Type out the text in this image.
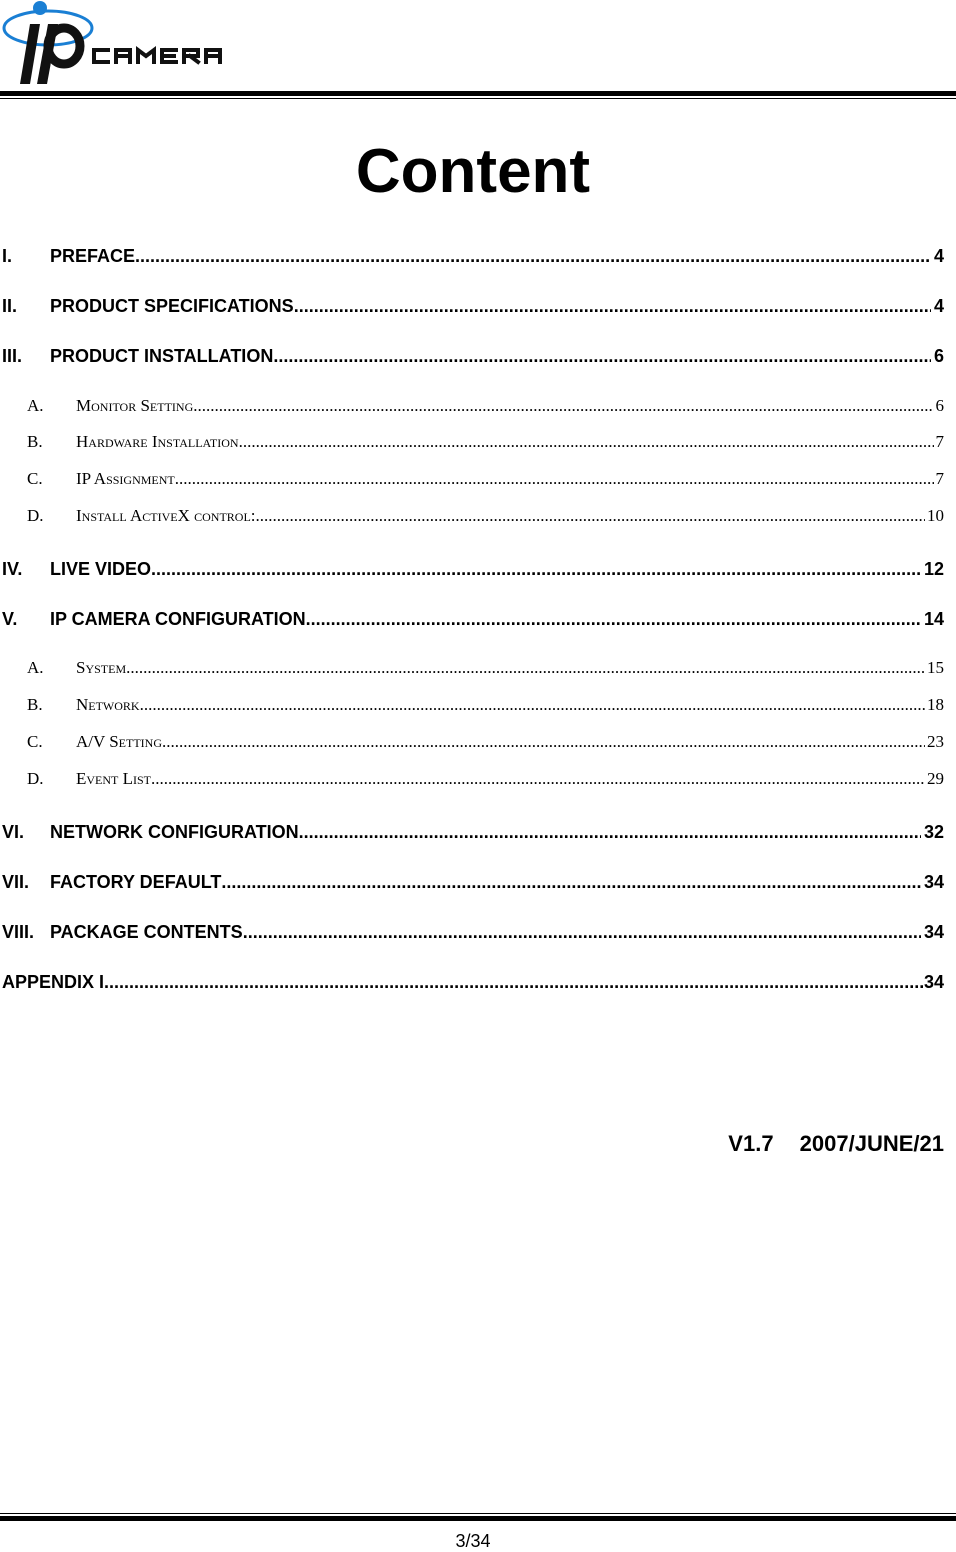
Content
I.	PREFACE .....	4
II.	PRODUCT SPECIFICATIONS .....	4
III.	PRODUCT INSTALLATION .....	6
A.	Monitor Setting .....	6
B.	Hardware Installation .....	7
C.	IP Assignment .....	7
D.	Install ActiveX control: .....	10
IV.	LIVE VIDEO .....	12
V.	IP CAMERA CONFIGURATION .....	14
A.	System .....	15
B.	Network .....	18
C.	A/V Setting .....	23
D.	Event List .....	29
VI.	NETWORK CONFIGURATION .....	32
VII.	FACTORY DEFAULT .....	34
VIII. PACKAGE CONTENTS .....	34
APPENDIX I .....	34
V1.7 2007/JUNE/21
3/34
